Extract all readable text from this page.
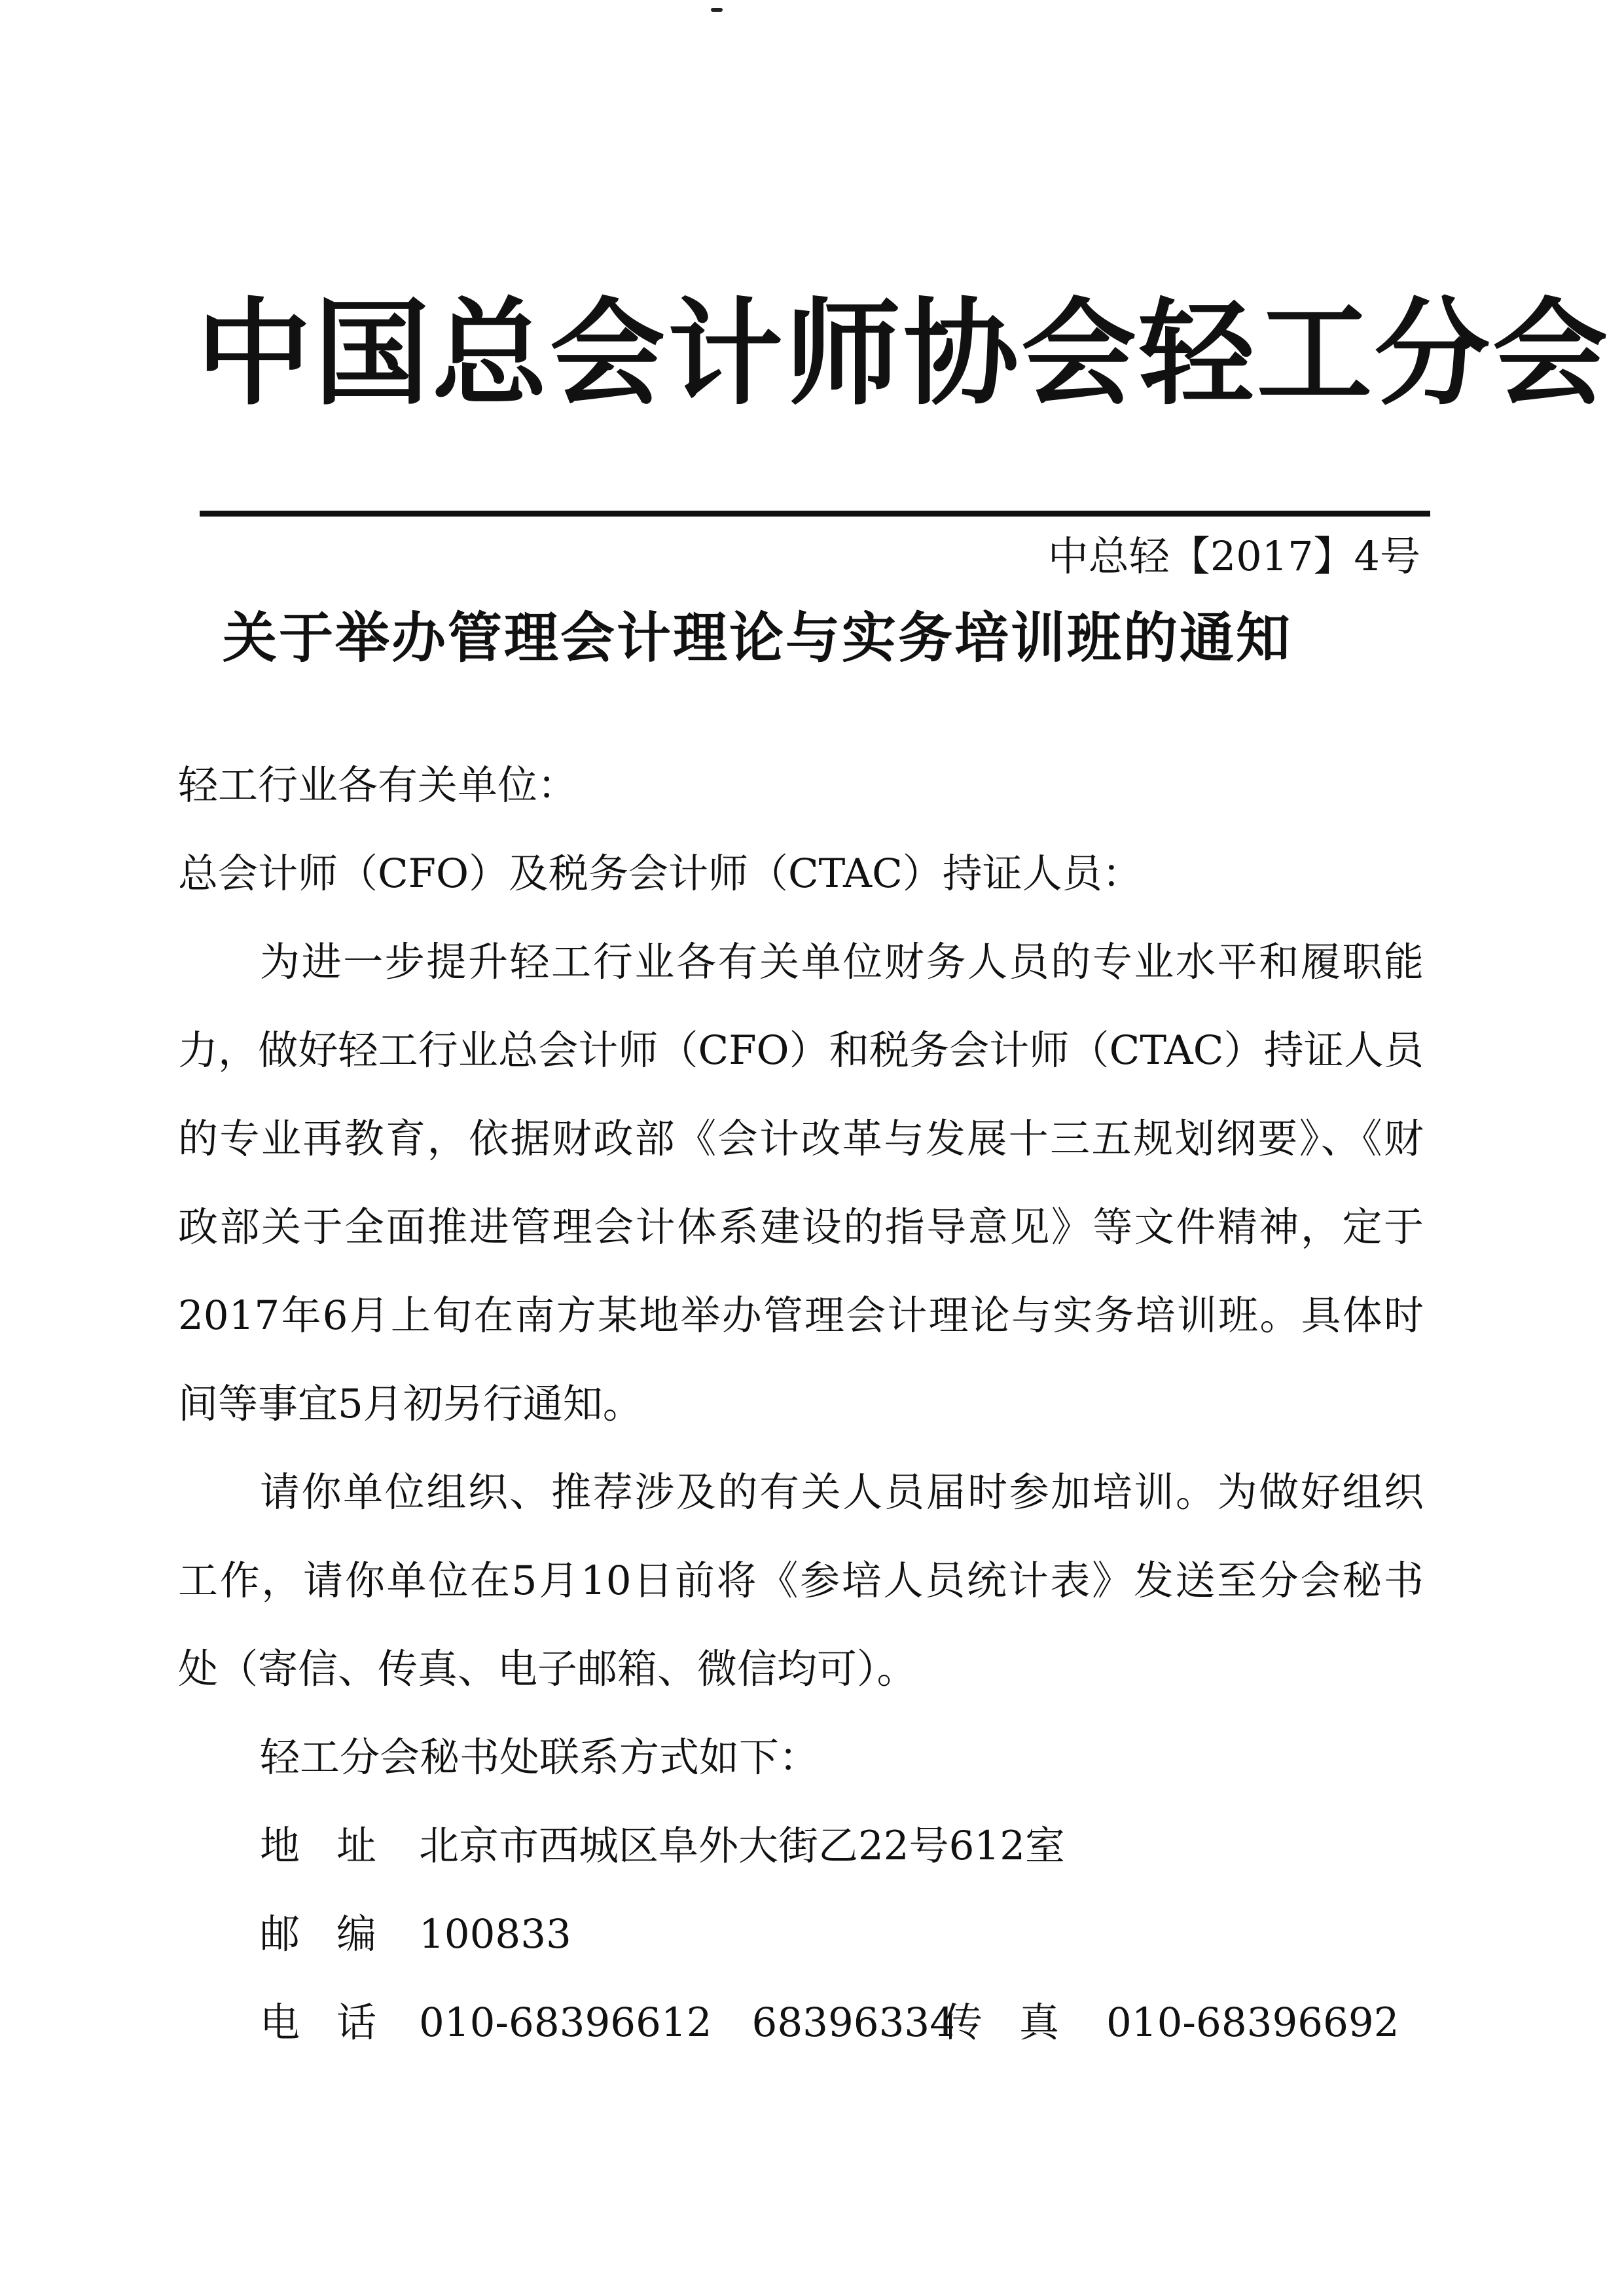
中国总会计师协会轻工分会
中总轻【2017】4号
关于举办管理会计理论与实务培训班的通知
轻工行业各有关单位：
总会计师（CFO）及税务会计师（CTAC）持证人员：
为进一步提升轻工行业各有关单位财务人员的专业水平和履职能
力，做好轻工行业总会计师（CFO）和税务会计师（CTAC）持证人员
的专业再教育，依据财政部《会计改革与发展十三五规划纲要》、《财
政部关于全面推进管理会计体系建设的指导意见》等文件精神，定于
2017年6月上旬在南方某地举办管理会计理论与实务培训班。具体时
间等事宜5月初另行通知。
请你单位组织、推荐涉及的有关人员届时参加培训。为做好组织
工作，请你单位在5月10日前将《参培人员统计表》发送至分会秘书
处（寄信、传真、电子邮箱、微信均可）。
轻工分会秘书处联系方式如下：
地址 北京市西城区阜外大街乙22号612室
邮编 100833
电话 010-68396612　68396334
传真 010-68396692
